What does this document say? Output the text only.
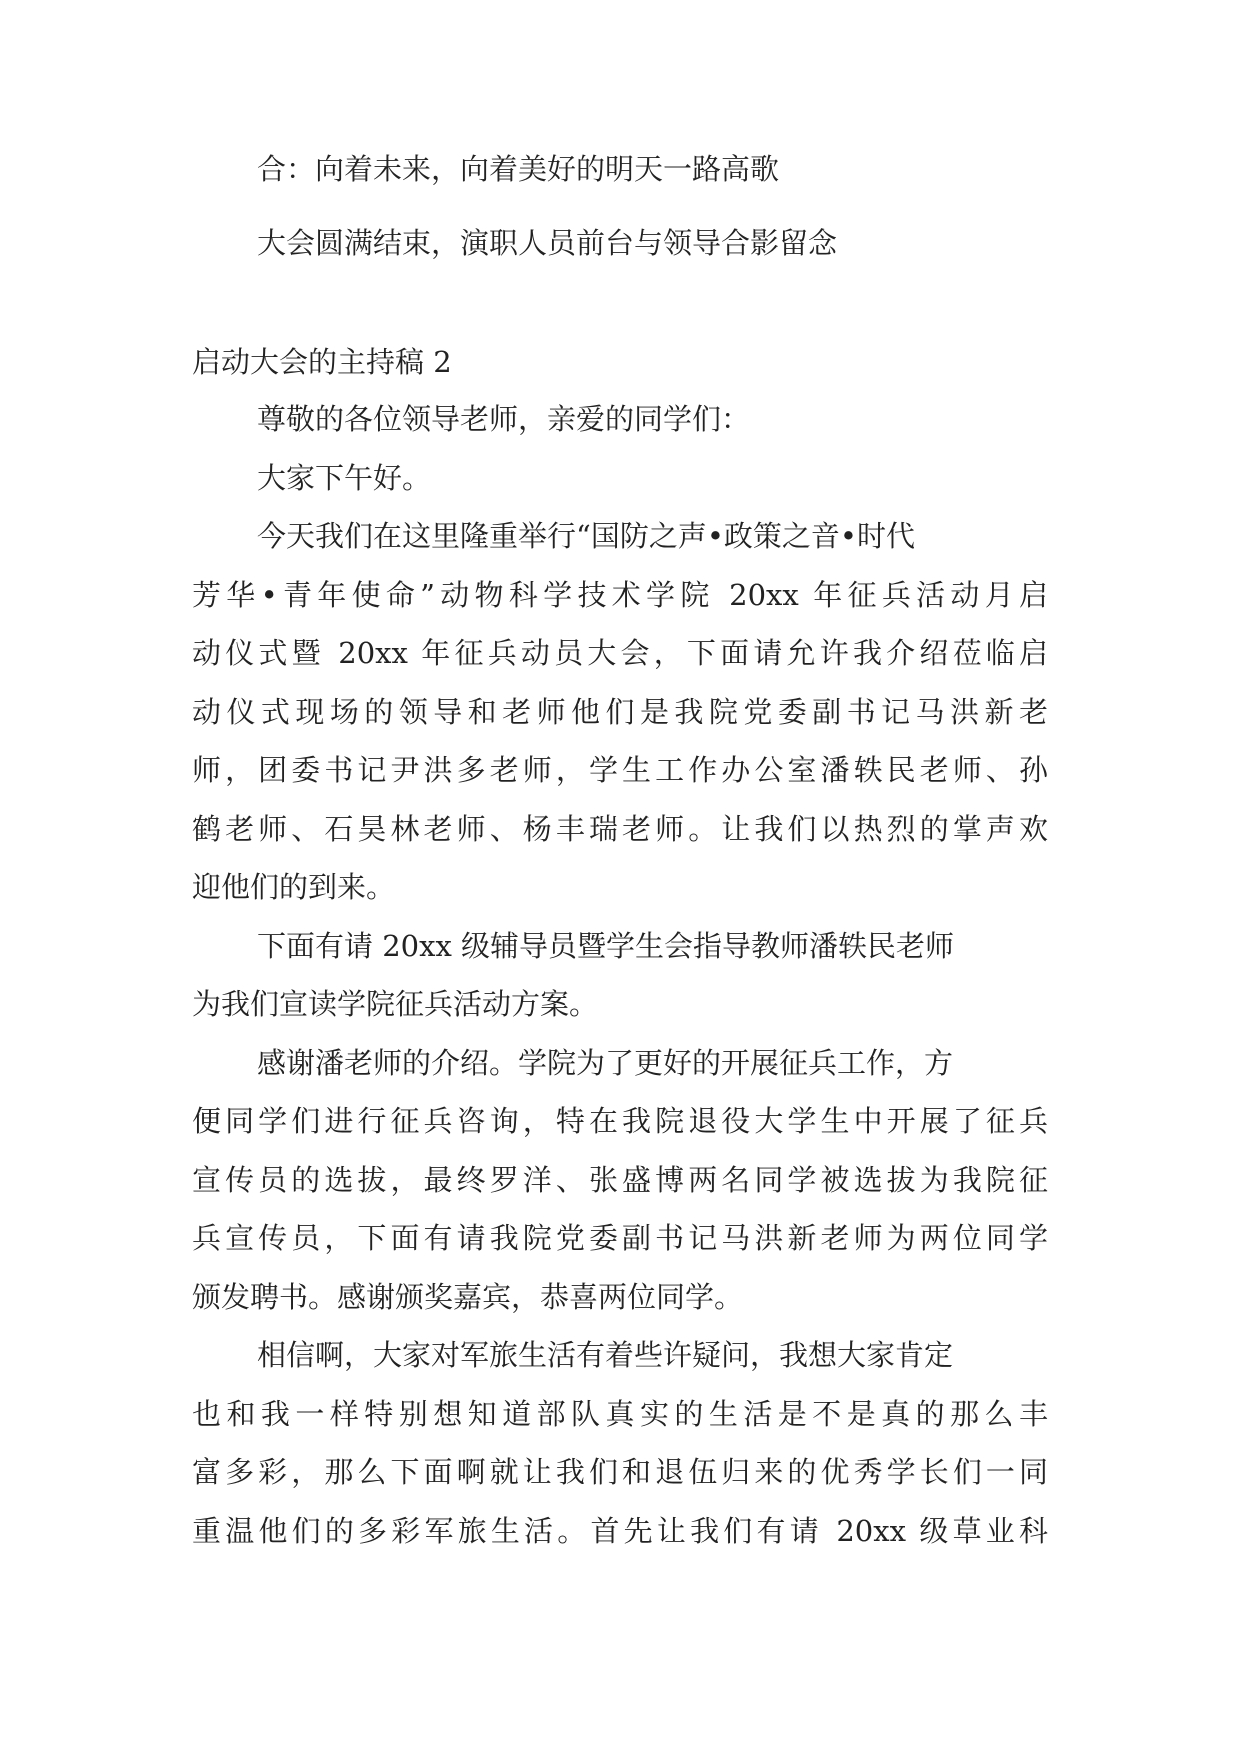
合：向着未来，向着美好的明天一路高歌
大会圆满结束，演职人员前台与领导合影留念
启动大会的主持稿 2
尊敬的各位领导老师，亲爱的同学们：
大家下午好。
今天我们在这里隆重举行“国防之声•政策之音•时代
芳华•青年使命”动物科学技术学院 20xx 年征兵活动月启
动仪式暨 20xx 年征兵动员大会，下面请允许我介绍莅临启
动仪式现场的领导和老师他们是我院党委副书记马洪新老
师，团委书记尹洪多老师，学生工作办公室潘轶民老师、孙
鹤老师、石昊林老师、杨丰瑞老师。让我们以热烈的掌声欢
迎他们的到来。
下面有请 20xx 级辅导员暨学生会指导教师潘轶民老师
为我们宣读学院征兵活动方案。
感谢潘老师的介绍。学院为了更好的开展征兵工作，方
便同学们进行征兵咨询，特在我院退役大学生中开展了征兵
宣传员的选拔，最终罗洋、张盛博两名同学被选拔为我院征
兵宣传员，下面有请我院党委副书记马洪新老师为两位同学
颁发聘书。感谢颁奖嘉宾，恭喜两位同学。
相信啊，大家对军旅生活有着些许疑问，我想大家肯定
也和我一样特别想知道部队真实的生活是不是真的那么丰
富多彩，那么下面啊就让我们和退伍归来的优秀学长们一同
重温他们的多彩军旅生活。首先让我们有请 20xx 级草业科
